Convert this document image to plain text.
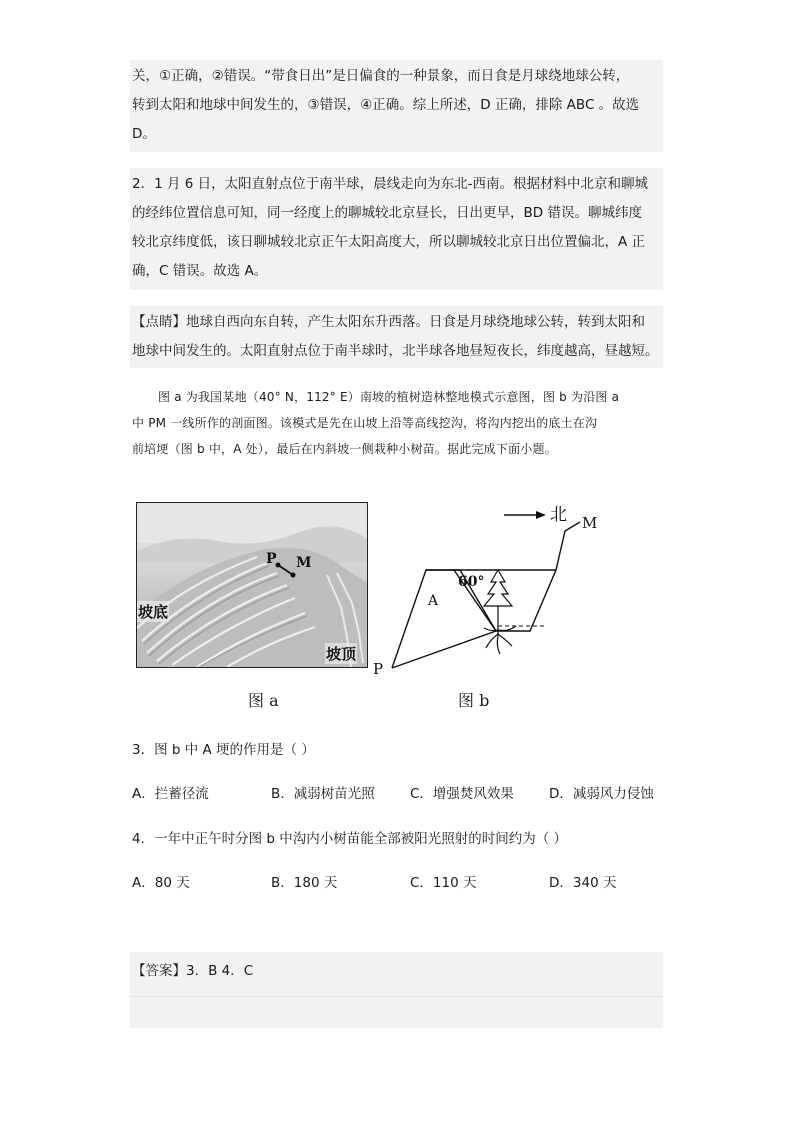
关，①正确，②错误。“带食日出”是日偏食的一种景象，而日食是月球绕地球公转，
转到太阳和地球中间发生的，③错误，④正确。综上所述，D 正确，排除 ABC 。故选
D。

2．1 月 6 日，太阳直射点位于南半球，晨线走向为东北-西南。根据材料中北京和聊城
的经纬位置信息可知，同一经度上的聊城较北京昼长，日出更早，BD 错误。聊城纬度
较北京纬度低，该日聊城较北京正午太阳高度大，所以聊城较北京日出位置偏北，A 正
确，C 错误。故选 A。

【点睛】地球自西向东自转，产生太阳东升西落。日食是月球绕地球公转，转到太阳和
地球中间发生的。太阳直射点位于南半球时，北半球各地昼短夜长，纬度越高，昼越短。

图 a 为我国某地（40° N，112° E）南坡的植树造林整地模式示意图，图 b 为沿图 a
中 PM 一线所作的剖面图。该模式是先在山坡上沿等高线挖沟，将沟内挖出的底土在沟
前培埂（图 b 中，A 处），最后在内斜坡一侧栽种小树苗。据此完成下面小题。

P M
坡底
坡顶
图 a
60°
A
北 M
P
图 b

3．图 b 中 A 埂的作用是（ ）

A．拦蓄径流	B．减弱树苗光照	C．增强焚风效果	D．减弱风力侵蚀

4．一年中正午时分图 b 中沟内小树苗能全部被阳光照射的时间约为（ ）

A．80 天	B．180 天	C．110 天	D．340 天

【答案】3．B 4．C
